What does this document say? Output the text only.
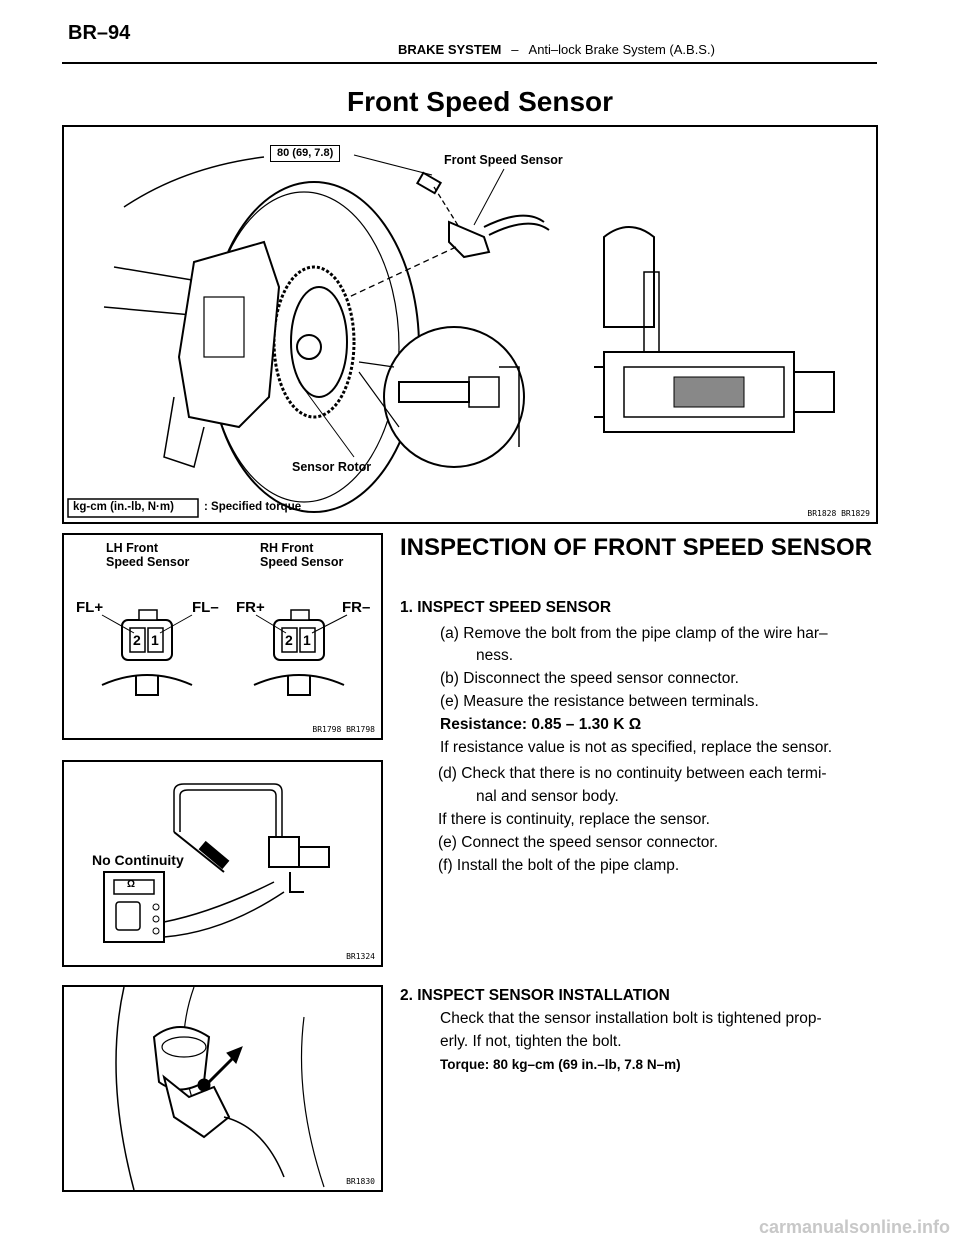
BR–94
BRAKE SYSTEM – Anti–lock Brake System (A.B.S.)
Front Speed Sensor
80 (69, 7.8)	Front Speed Sensor
Sensor Rotor
kg-cm (in.-lb, N·m)	: Specified torque
BR1828 BR1829
LH Front
Speed Sensor
RH Front
Speed Sensor
FL+	FL– FR+	FR–
2 1	2 1
BR1798 BR1798
No Continuity
Ω
BR1324
BR1830
INSPECTION OF FRONT SPEED SENSOR
1. INSPECT SPEED SENSOR
(a) Remove the bolt from the pipe clamp of the wire har–
ness.
(b) Disconnect the speed sensor connector.
(e) Measure the resistance between terminals.
Resistance: 0.85 – 1.30 K Ω
If resistance value is not as specified, replace the sensor.
(d) Check that there is no continuity between each termi-
nal and sensor body.
If there is continuity, replace the sensor.
(e) Connect the speed sensor connector.
(f) Install the bolt of the pipe clamp.
2. INSPECT SENSOR INSTALLATION
Check that the sensor installation bolt is tightened prop-
erly. If not, tighten the bolt.
Torque: 80 kg–cm (69 in.–lb, 7.8 N–m)
carmanualsonline.info
